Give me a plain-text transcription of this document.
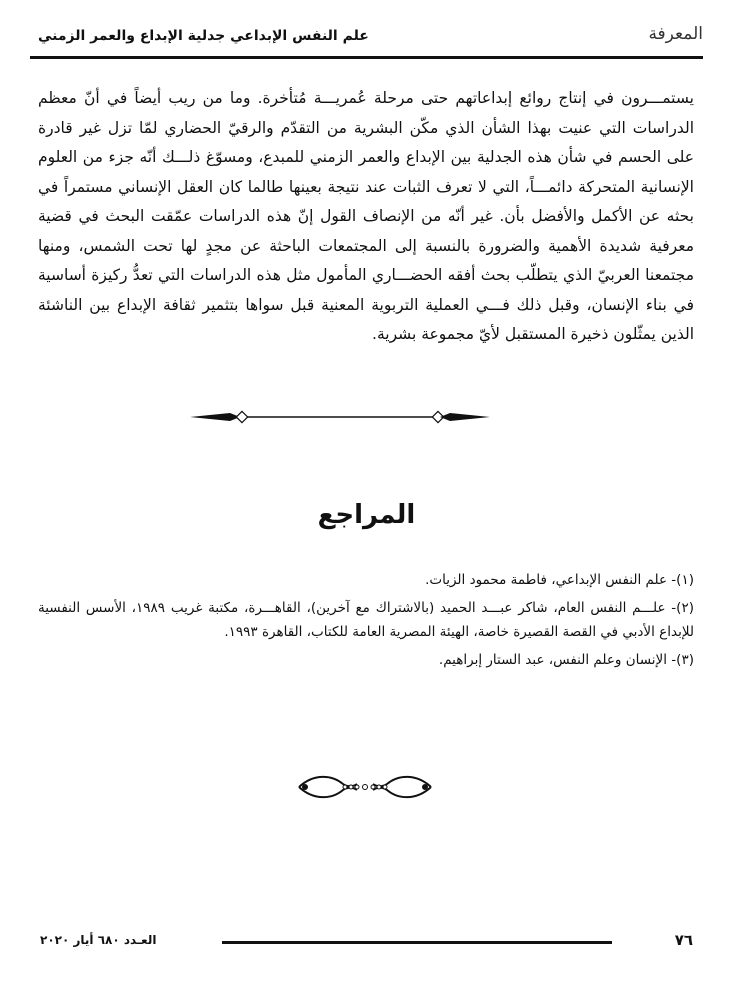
المعرفة
علم النفس الإبداعي جدلية الإبداع والعمر الزمني

يستمـــرون في إنتاج روائع إبداعاتهم حتى مرحلة عُمريـــة مُتأخرة. وما من ريب أيضاً في أنّ معظم الدراسات التي عنيت بهذا الشأن الذي مكّن البشرية من التقدّم والرقيّ الحضاري لمّا تزل غير قادرة على الحسم في شأن هذه الجدلية بين الإبداع والعمر الزمني للمبدع، ومسوّغ ذلـــك أنّه جزء من العلوم الإنسانية المتحركة دائمـــاً، التي لا تعرف الثبات عند نتيجة بعينها طالما كان العقل الإنساني مستمراً في بحثه عن الأكمل والأفضل بأن. غير أنّه من الإنصاف القول إنّ هذه الدراسات عمّقت البحث في قضية معرفية شديدة الأهمية والضرورة بالنسبة إلى المجتمعات الباحثة عن مجدٍ لها تحت الشمس، ومنها مجتمعنا العربيّ الذي يتطلّب بحث أفقه الحضـــاري المأمول مثل هذه الدراسات التي تعدُّ ركيزة أساسية في بناء الإنسان، وقبل ذلك فـــي العملية التربوية المعنية قبل سواها بتثمير ثقافة الإبداع بين الناشئة الذين يمثّلون ذخيرة المستقبل لأيّ مجموعة بشرية.

المراجع
(١)- علم النفس الإبداعي، فاطمة محمود الزيات.
(٢)- علـــم النفس العام، شاكر عبـــد الحميد (بالاشتراك مع آخرين)، القاهـــرة، مكتبة غريب ١٩٨٩، الأسس النفسية للإبداع الأدبي في القصة القصيرة خاصة، الهيئة المصرية العامة للكتاب، القاهرة ١٩٩٣.
(٣)- الإنسان وعلم النفس، عبد الستار إبراهيم.
٧٦
العـدد ٦٨٠ أيار ٢٠٢٠
